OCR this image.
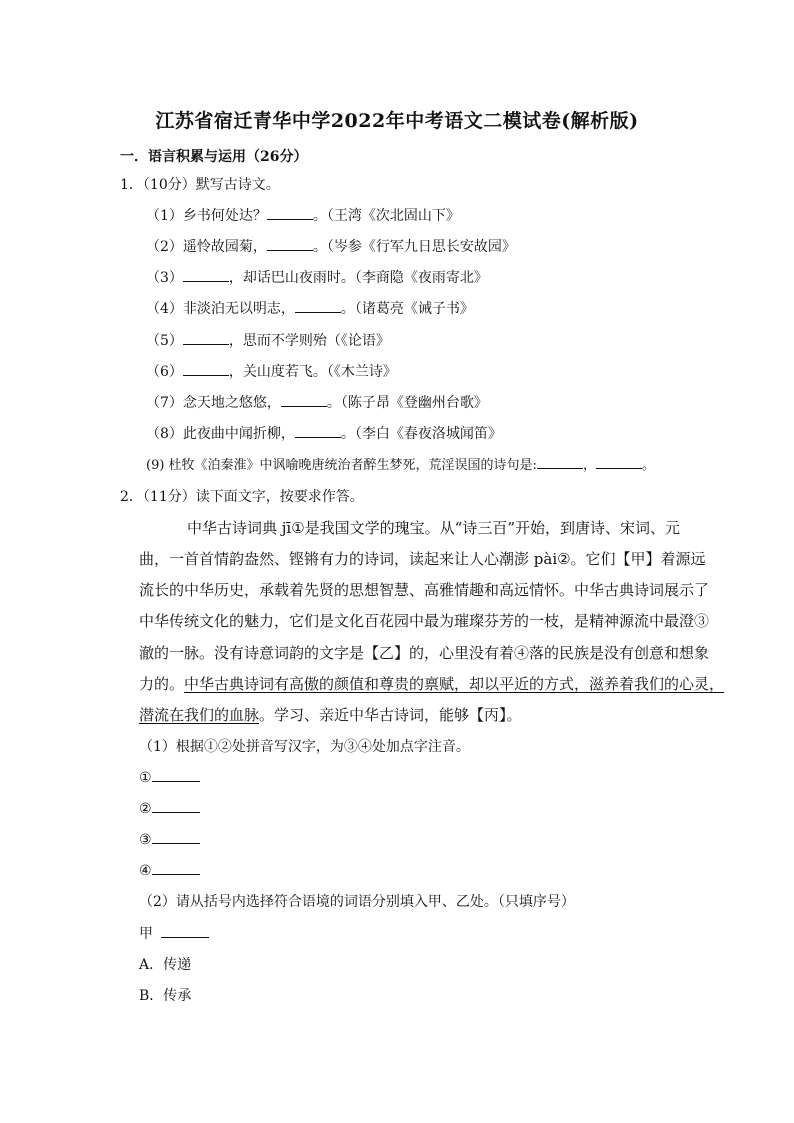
江苏省宿迁青华中学2022年中考语文二模试卷(解析版)
一．语言积累与运用（26分）
1．（10分）默写古诗文。
（1）乡书何处达？	。（王湾《次北固山下》
（2）遥怜故园菊，	。（岑参《行军九日思长安故园》
（3）	，却话巴山夜雨时。（李商隐《夜雨寄北》
（4）非淡泊无以明志，	。（诸葛亮《诫子书》
（5）	，思而不学则殆（《论语》
（6）	，关山度若飞。（《木兰诗》
（7）念天地之悠悠，	。（陈子昂《登幽州台歌》
（8）此夜曲中闻折柳，	。（李白《春夜洛城闻笛》
(9) 杜牧《泊秦淮》中讽喻晚唐统治者醉生梦死，荒淫误国的诗句是:	，	。
2．（11分）读下面文字，按要求作答。
中华古诗词典 jī①是我国文学的瑰宝。从“诗三百”开始，到唐诗、宋词、元
曲，一首首情韵盎然、铿锵有力的诗词，读起来让人心潮澎 pài②。它们【甲】着源远
流长的中华历史，承载着先贤的思想智慧、高雅情趣和高远情怀。中华古典诗词展示了
中华传统文化的魅力，它们是文化百花园中最为璀璨芬芳的一枝，是精神源流中最澄③
澈的一脉。没有诗意词韵的文字是【乙】的，心里没有着④落的民族是没有创意和想象
力的。中华古典诗词有高傲的颜值和尊贵的禀赋，却以平近的方式，滋养着我们的心灵，
潜流在我们的血脉。学习、亲近中华古诗词，能够【丙】。
（1）根据①②处拼音写汉字，为③④处加点字注音。
①
②
③
④
（2）请从括号内选择符合语境的词语分别填入甲、乙处。（只填序号）
甲
A．传递
B．传承
